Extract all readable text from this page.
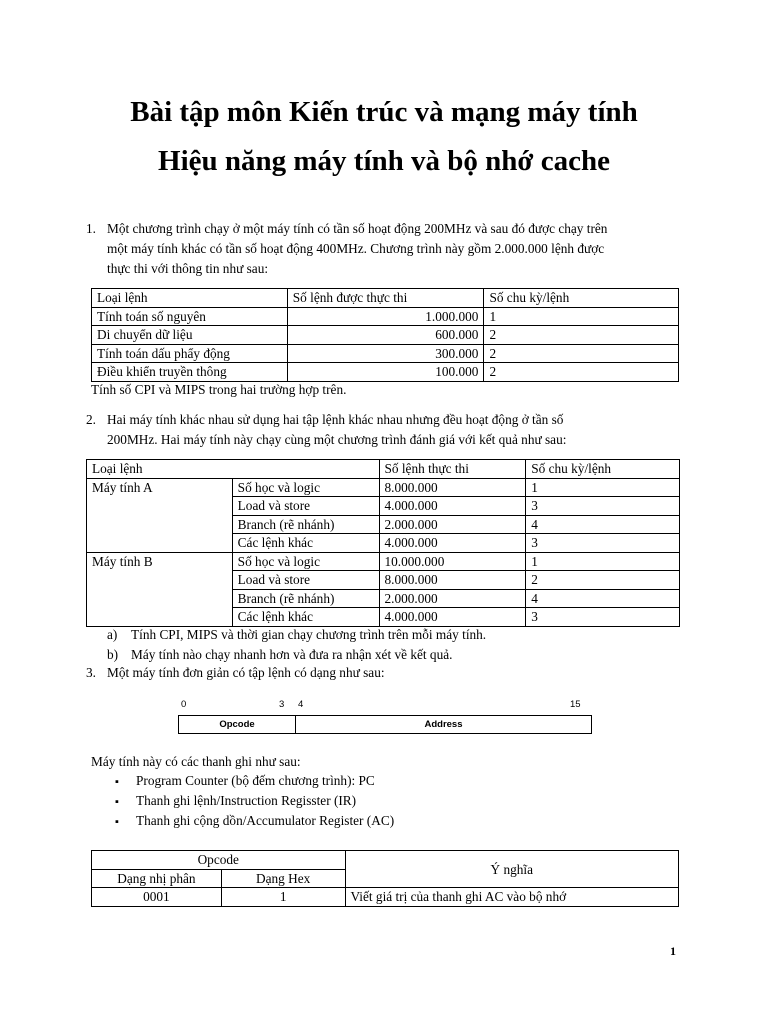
Bài tập môn Kiến trúc và mạng máy tính
Hiệu năng máy tính và bộ nhớ cache
1. Một chương trình chạy ở một máy tính có tần số hoạt động 200MHz và sau đó được chạy trên
một máy tính khác có tần số hoạt động 400MHz. Chương trình này gồm 2.000.000 lệnh được
thực thi với thông tin như sau:
Loại lệnh	Số lệnh được thực thi	Số chu kỳ/lệnh
Tính toán số nguyên	1.000.000	1
Di chuyển dữ liệu	600.000	2
Tính toán dấu phẩy động	300.000	2
Điều khiển truyền thông	100.000	2
Tính số CPI và MIPS trong hai trường hợp trên.
2. Hai máy tính khác nhau sử dụng hai tập lệnh khác nhau nhưng đều hoạt động ở tần số
200MHz. Hai máy tính này chạy cùng một chương trình đánh giá với kết quả như sau:
Loại lệnh		Số lệnh thực thi	Số chu kỳ/lệnh
Máy tính A	Số học và logic	8.000.000	1
	Load và store	4.000.000	3
	Branch (rẽ nhánh)	2.000.000	4
	Các lệnh khác	4.000.000	3
Máy tính B	Số học và logic	10.000.000	1
	Load và store	8.000.000	2
	Branch (rẽ nhánh)	2.000.000	4
	Các lệnh khác	4.000.000	3
a) Tính CPI, MIPS và thời gian chạy chương trình trên mỗi máy tính.
b) Máy tính nào chạy nhanh hơn và đưa ra nhận xét về kết quả.
3. Một máy tính đơn giản có tập lệnh có dạng như sau:
0	3 4	15
Opcode	Address
Máy tính này có các thanh ghi như sau:
▪ Program Counter (bộ đếm chương trình): PC
▪ Thanh ghi lệnh/Instruction Regisster (IR)
▪ Thanh ghi cộng dồn/Accumulator Register (AC)
Opcode		Ý nghĩa
Dạng nhị phân	Dạng Hex	
0001	1	Viết giá trị của thanh ghi AC vào bộ nhớ
1
